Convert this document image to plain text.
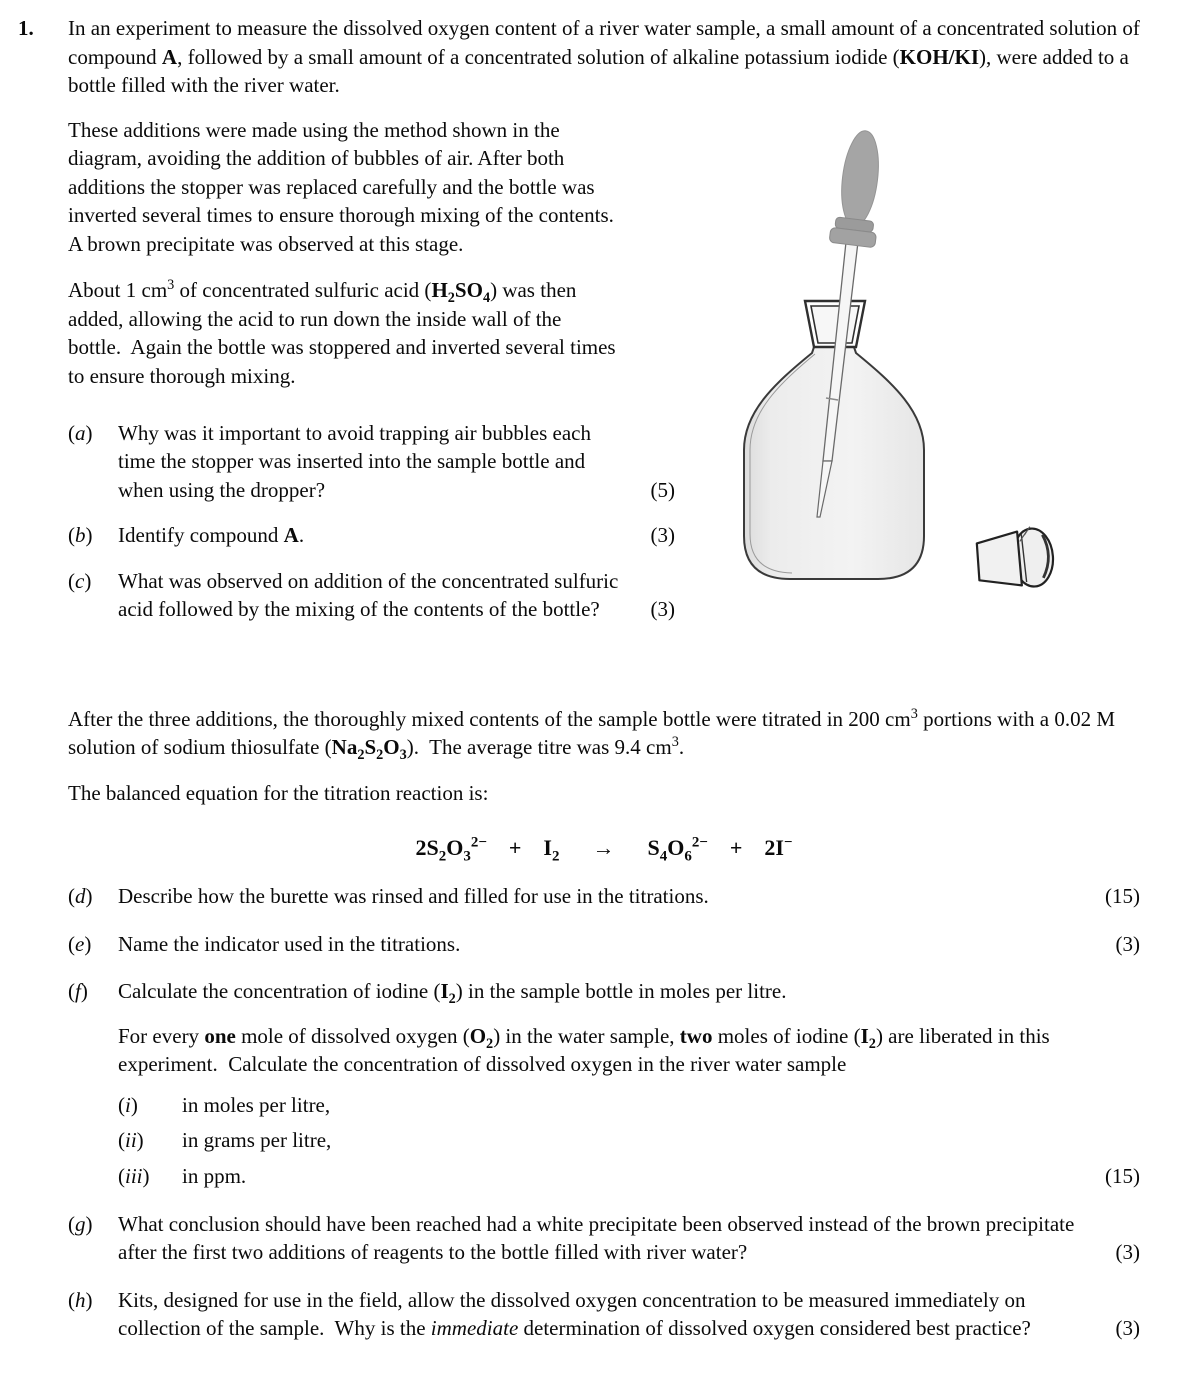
1.	In an experiment to measure the dissolved oxygen content of a river water sample, a small amount of a concentrated solution of compound A, followed by a small amount of a concentrated solution of alkaline potassium iodide (KOH/KI), were added to a bottle filled with the river water.

These additions were made using the method shown in the diagram, avoiding the addition of bubbles of air. After both additions the stopper was replaced carefully and the bottle was inverted several times to ensure thorough mixing of the contents.  A brown precipitate was observed at this stage.

About 1 $cm^3$ of concentrated sulfuric acid $(H_2SO_4)$ was then added, allowing the acid to run down the inside wall of the bottle.  Again the bottle was stoppered and inverted several times to ensure thorough mixing.

(a)	Why was it important to avoid trapping air bubbles each time the stopper was inserted into the sample bottle and when using the dropper?	(5)
(b)	Identify compound A.	(3)
(c)	What was observed on addition of the concentrated sulfuric acid followed by the mixing of the contents of the bottle?	(3)

After the three additions, the thoroughly mixed contents of the sample bottle were titrated in 200 $cm^3$ portions with a 0.02 M solution of sodium thiosulfate $(Na_2S_2O_3)$.  The average titre was 9.4 $cm^3$.

The balanced equation for the titration reaction is:

$2S_2O_3^{2-}$    +    $I_2$      →      $S_4O_6^{2-}$    +    2I−
(d)	Describe how the burette was rinsed and filled for use in the titrations.	(15)
(e)	Name the indicator used in the titrations.	(3)
(f)	Calculate the concentration of iodine $(I_2)$ in the sample bottle in moles per litre.

For every one mole of dissolved oxygen $(O_2)$ in the water sample, two moles of iodine $(I_2)$ are liberated in this experiment.  Calculate the concentration of dissolved oxygen in the river water sample

(i)	in moles per litre,
(ii)	in grams per litre,
(iii)	in ppm.	(15)
(g)	What conclusion should have been reached had a white precipitate been observed instead of the brown precipitate after the first two additions of reagents to the bottle filled with river water?	(3)
(h)	Kits, designed for use in the field, allow the dissolved oxygen concentration to be measured immediately on collection of the sample.  Why is the immediate determination of dissolved oxygen considered best practice?	(3)
